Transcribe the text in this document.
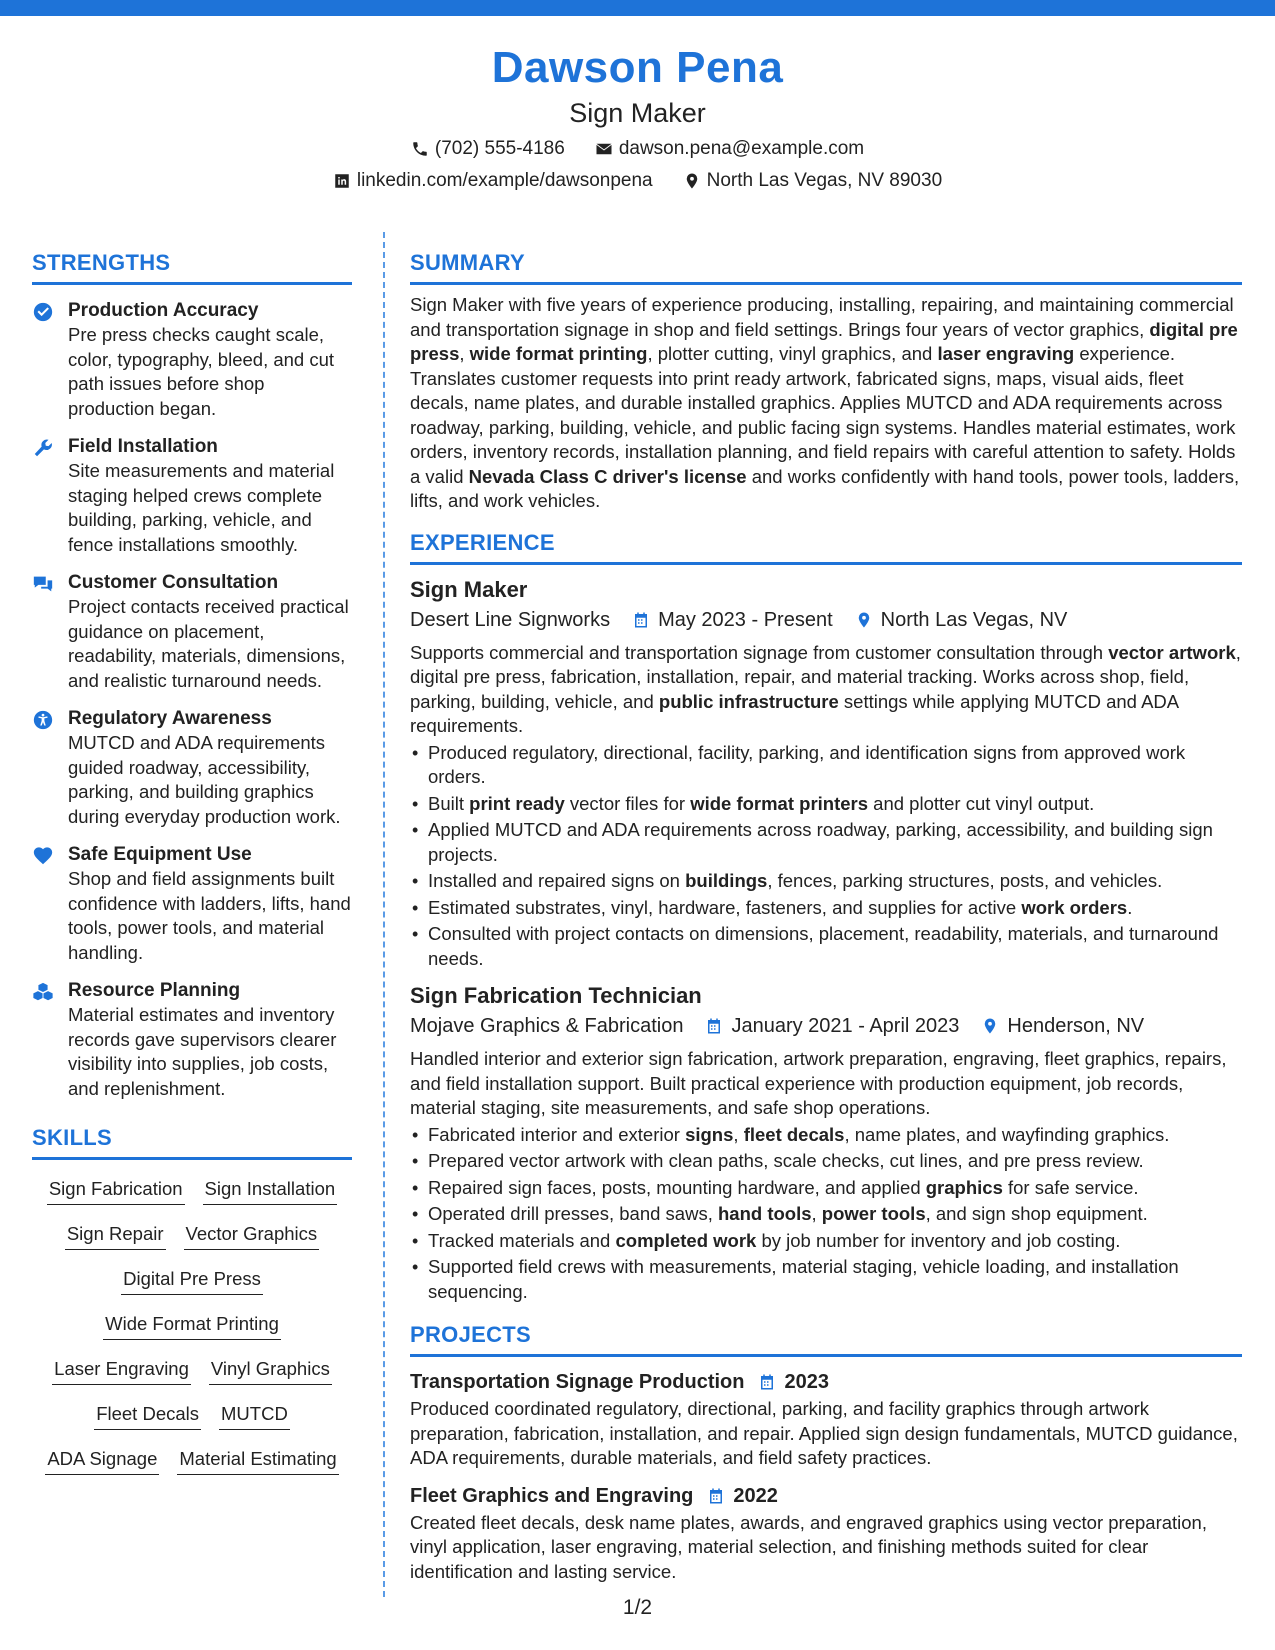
Dawson Pena
Sign Maker
(702) 555-4186	dawson.pena@example.com
linkedin.com/example/dawsonpena	North Las Vegas, NV 89030
STRENGTHS
Production Accuracy
Pre press checks caught scale, color, typography, bleed, and cut path issues before shop production began.
Field Installation
Site measurements and material staging helped crews complete building, parking, vehicle, and fence installations smoothly.
Customer Consultation
Project contacts received practical guidance on placement, readability, materials, dimensions, and realistic turnaround needs.
Regulatory Awareness
MUTCD and ADA requirements guided roadway, accessibility, parking, and building graphics during everyday production work.
Safe Equipment Use
Shop and field assignments built confidence with ladders, lifts, hand tools, power tools, and material handling.
Resource Planning
Material estimates and inventory records gave supervisors clearer visibility into supplies, job costs, and replenishment.
SKILLS
Sign Fabrication Sign Installation
Sign Repair Vector Graphics
Digital Pre Press
Wide Format Printing
Laser Engraving Vinyl Graphics
Fleet Decals MUTCD
ADA Signage Material Estimating
SUMMARY

Sign Maker with five years of experience producing, installing, repairing, and maintaining commercial and transportation signage in shop and field settings. Brings four years of vector graphics, digital pre press, wide format printing, plotter cutting, vinyl graphics, and laser engraving experience. Translates customer requests into print ready artwork, fabricated signs, maps, visual aids, fleet decals, name plates, and durable installed graphics. Applies MUTCD and ADA requirements across roadway, parking, building, vehicle, and public facing sign systems. Handles material estimates, work orders, inventory records, installation planning, and field repairs with careful attention to safety. Holds a valid Nevada Class C driver's license and works confidently with hand tools, power tools, ladders, lifts, and work vehicles.

EXPERIENCE
Sign Maker
Desert Line Signworks May 2023 - Present North Las Vegas, NV

Supports commercial and transportation signage from customer consultation through vector artwork, digital pre press, fabrication, installation, repair, and material tracking. Works across shop, field, parking, building, vehicle, and public infrastructure settings while applying MUTCD and ADA requirements.

• Produced regulatory, directional, facility, parking, and identification signs from approved work orders.
• Built print ready vector files for wide format printers and plotter cut vinyl output.
• Applied MUTCD and ADA requirements across roadway, parking, accessibility, and building sign projects.
• Installed and repaired signs on buildings, fences, parking structures, posts, and vehicles.
• Estimated substrates, vinyl, hardware, fasteners, and supplies for active work orders.
• Consulted with project contacts on dimensions, placement, readability, materials, and turnaround needs.
Sign Fabrication Technician
Mojave Graphics & Fabrication January 2021 - April 2023 Henderson, NV

Handled interior and exterior sign fabrication, artwork preparation, engraving, fleet graphics, repairs, and field installation support. Built practical experience with production equipment, job records, material staging, site measurements, and safe shop operations.

• Fabricated interior and exterior signs, fleet decals, name plates, and wayfinding graphics.
• Prepared vector artwork with clean paths, scale checks, cut lines, and pre press review.
• Repaired sign faces, posts, mounting hardware, and applied graphics for safe service.
• Operated drill presses, band saws, hand tools, power tools, and sign shop equipment.
• Tracked materials and completed work by job number for inventory and job costing.
• Supported field crews with measurements, material staging, vehicle loading, and installation sequencing.
PROJECTS
Transportation Signage Production 2023

Produced coordinated regulatory, directional, parking, and facility graphics through artwork preparation, fabrication, installation, and repair. Applied sign design fundamentals, MUTCD guidance, ADA requirements, durable materials, and field safety practices.

Fleet Graphics and Engraving 2022

Created fleet decals, desk name plates, awards, and engraved graphics using vector preparation, vinyl application, laser engraving, material selection, and finishing methods suited for clear identification and lasting service.

1/2
